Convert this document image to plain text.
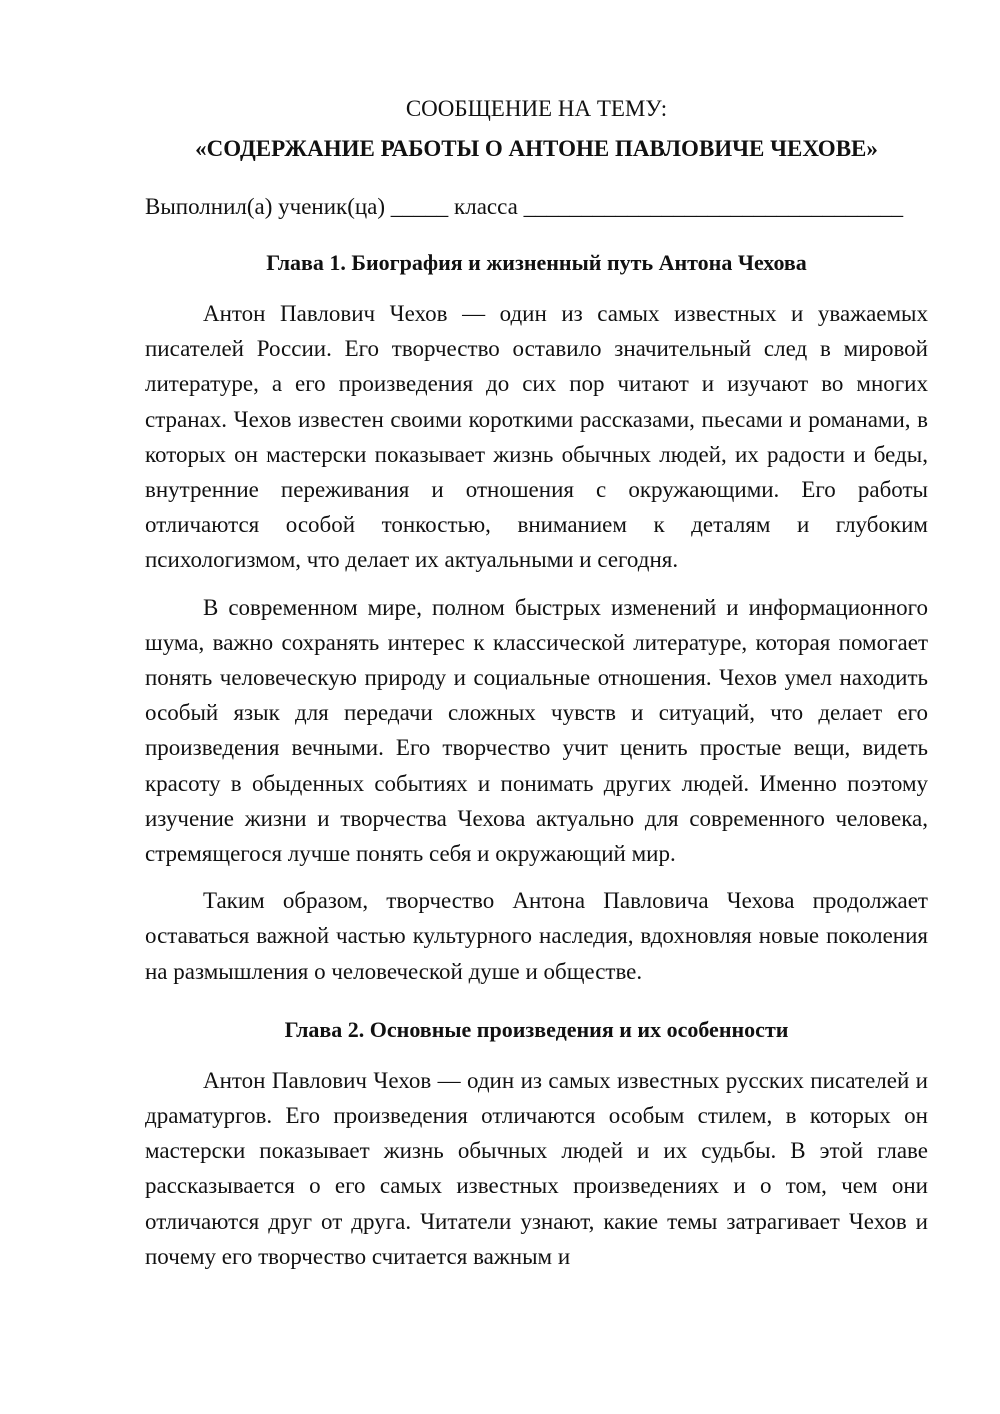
СООБЩЕНИЕ НА ТЕМУ:

«СОДЕРЖАНИЕ РАБОТЫ О АНТОНЕ ПАВЛОВИЧЕ ЧЕХОВЕ»

Выполнил(а) ученик(ца) _____ класса _________________________________
Глава 1. Биография и жизненный путь Антона Чехова

Антон Павлович Чехов — один из самых известных и уважаемых писателей России. Его творчество оставило значительный след в мировой литературе, а его произведения до сих пор читают и изучают во многих странах. Чехов известен своими короткими рассказами, пьесами и романами, в которых он мастерски показывает жизнь обычных людей, их радости и беды, внутренние переживания и отношения с окружающими. Его работы отличаются особой тонкостью, вниманием к деталям и глубоким психологизмом, что делает их актуальными и сегодня.

В современном мире, полном быстрых изменений и информационного шума, важно сохранять интерес к классической литературе, которая помогает понять человеческую природу и социальные отношения. Чехов умел находить особый язык для передачи сложных чувств и ситуаций, что делает его произведения вечными. Его творчество учит ценить простые вещи, видеть красоту в обыденных событиях и понимать других людей. Именно поэтому изучение жизни и творчества Чехова актуально для современного человека, стремящегося лучше понять себя и окружающий мир.

Таким образом, творчество Антона Павловича Чехова продолжает оставаться важной частью культурного наследия, вдохновляя новые поколения на размышления о человеческой душе и обществе.

Глава 2. Основные произведения и их особенности

Антон Павлович Чехов — один из самых известных русских писателей и драматургов. Его произведения отличаются особым стилем, в которых он мастерски показывает жизнь обычных людей и их судьбы. В этой главе рассказывается о его самых известных произведениях и о том, чем они отличаются друг от друга. Читатели узнают, какие темы затрагивает Чехов и почему его творчество считается важным и
